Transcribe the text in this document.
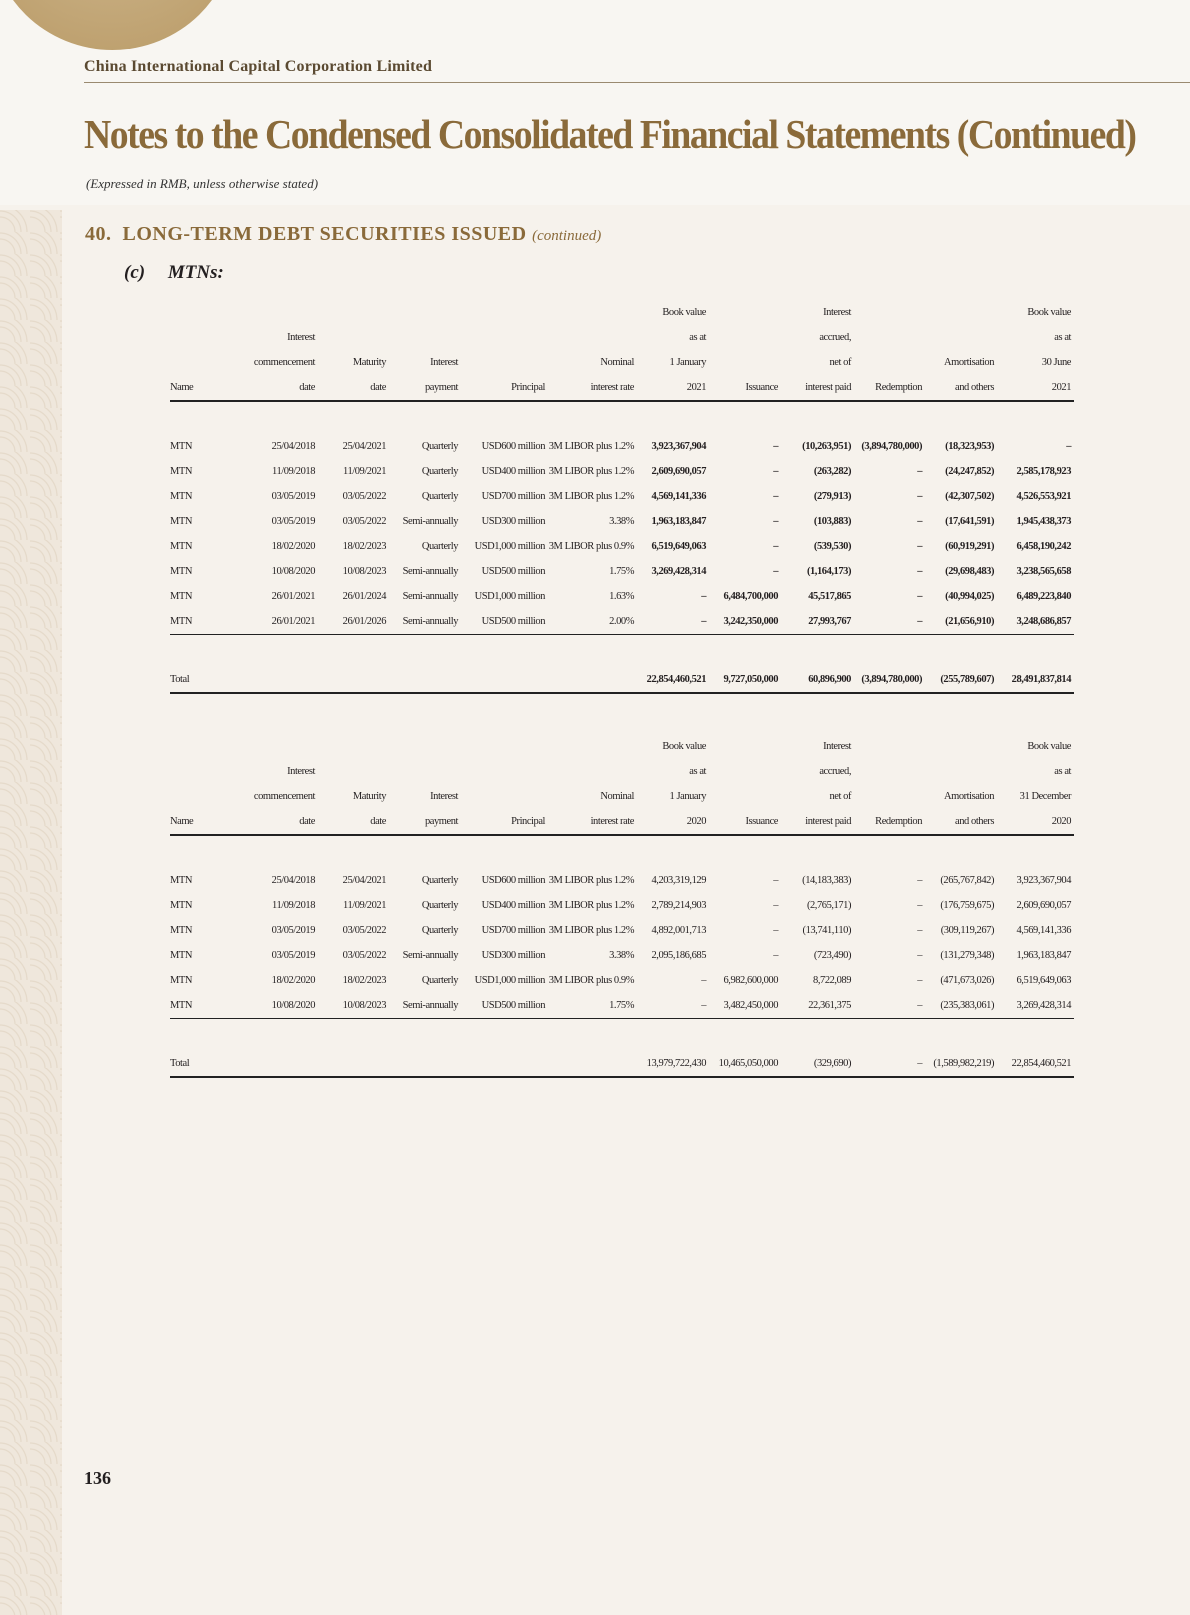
China International Capital Corporation Limited
Notes to the Condensed Consolidated Financial Statements (Continued)
(Expressed in RMB, unless otherwise stated)
40. LONG-TERM DEBT SECURITIES ISSUED (continued)
(c) MTNs:
						Book value		Interest			Book value
	Interest					as at		accrued,			as at
	commencement	Maturity	Interest		Nominal	1 January		net of		Amortisation	30 June
Name	date	date	payment	Principal	interest rate	2021	Issuance	interest paid	Redemption	and others	2021

MTN	25/04/2018	25/04/2021	Quarterly	USD600 million	3M LIBOR plus 1.2%	3,923,367,904	–	(10,263,951)	(3,894,780,000)	(18,323,953)	–
MTN	11/09/2018	11/09/2021	Quarterly	USD400 million	3M LIBOR plus 1.2%	2,609,690,057	–	(263,282)	–	(24,247,852)	2,585,178,923
MTN	03/05/2019	03/05/2022	Quarterly	USD700 million	3M LIBOR plus 1.2%	4,569,141,336	–	(279,913)	–	(42,307,502)	4,526,553,921
MTN	03/05/2019	03/05/2022	Semi-annually	USD300 million	3.38%	1,963,183,847	–	(103,883)	–	(17,641,591)	1,945,438,373
MTN	18/02/2020	18/02/2023	Quarterly	USD1,000 million	3M LIBOR plus 0.9%	6,519,649,063	–	(539,530)	–	(60,919,291)	6,458,190,242
MTN	10/08/2020	10/08/2023	Semi-annually	USD500 million	1.75%	3,269,428,314	–	(1,164,173)	–	(29,698,483)	3,238,565,658
MTN	26/01/2021	26/01/2024	Semi-annually	USD1,000 million	1.63%	–	6,484,700,000	45,517,865	–	(40,994,025)	6,489,223,840
MTN	26/01/2021	26/01/2026	Semi-annually	USD500 million	2.00%	–	3,242,350,000	27,993,767	–	(21,656,910)	3,248,686,857

Total						22,854,460,521	9,727,050,000	60,896,900	(3,894,780,000)	(255,789,607)	28,491,837,814
						Book value		Interest			Book value
	Interest					as at		accrued,			as at
	commencement	Maturity	Interest		Nominal	1 January		net of		Amortisation	31 December
Name	date	date	payment	Principal	interest rate	2020	Issuance	interest paid	Redemption	and others	2020

MTN	25/04/2018	25/04/2021	Quarterly	USD600 million	3M LIBOR plus 1.2%	4,203,319,129	–	(14,183,383)	–	(265,767,842)	3,923,367,904
MTN	11/09/2018	11/09/2021	Quarterly	USD400 million	3M LIBOR plus 1.2%	2,789,214,903	–	(2,765,171)	–	(176,759,675)	2,609,690,057
MTN	03/05/2019	03/05/2022	Quarterly	USD700 million	3M LIBOR plus 1.2%	4,892,001,713	–	(13,741,110)	–	(309,119,267)	4,569,141,336
MTN	03/05/2019	03/05/2022	Semi-annually	USD300 million	3.38%	2,095,186,685	–	(723,490)	–	(131,279,348)	1,963,183,847
MTN	18/02/2020	18/02/2023	Quarterly	USD1,000 million	3M LIBOR plus 0.9%	–	6,982,600,000	8,722,089	–	(471,673,026)	6,519,649,063
MTN	10/08/2020	10/08/2023	Semi-annually	USD500 million	1.75%	–	3,482,450,000	22,361,375	–	(235,383,061)	3,269,428,314

Total						13,979,722,430	10,465,050,000	(329,690)	–	(1,589,982,219)	22,854,460,521
136
